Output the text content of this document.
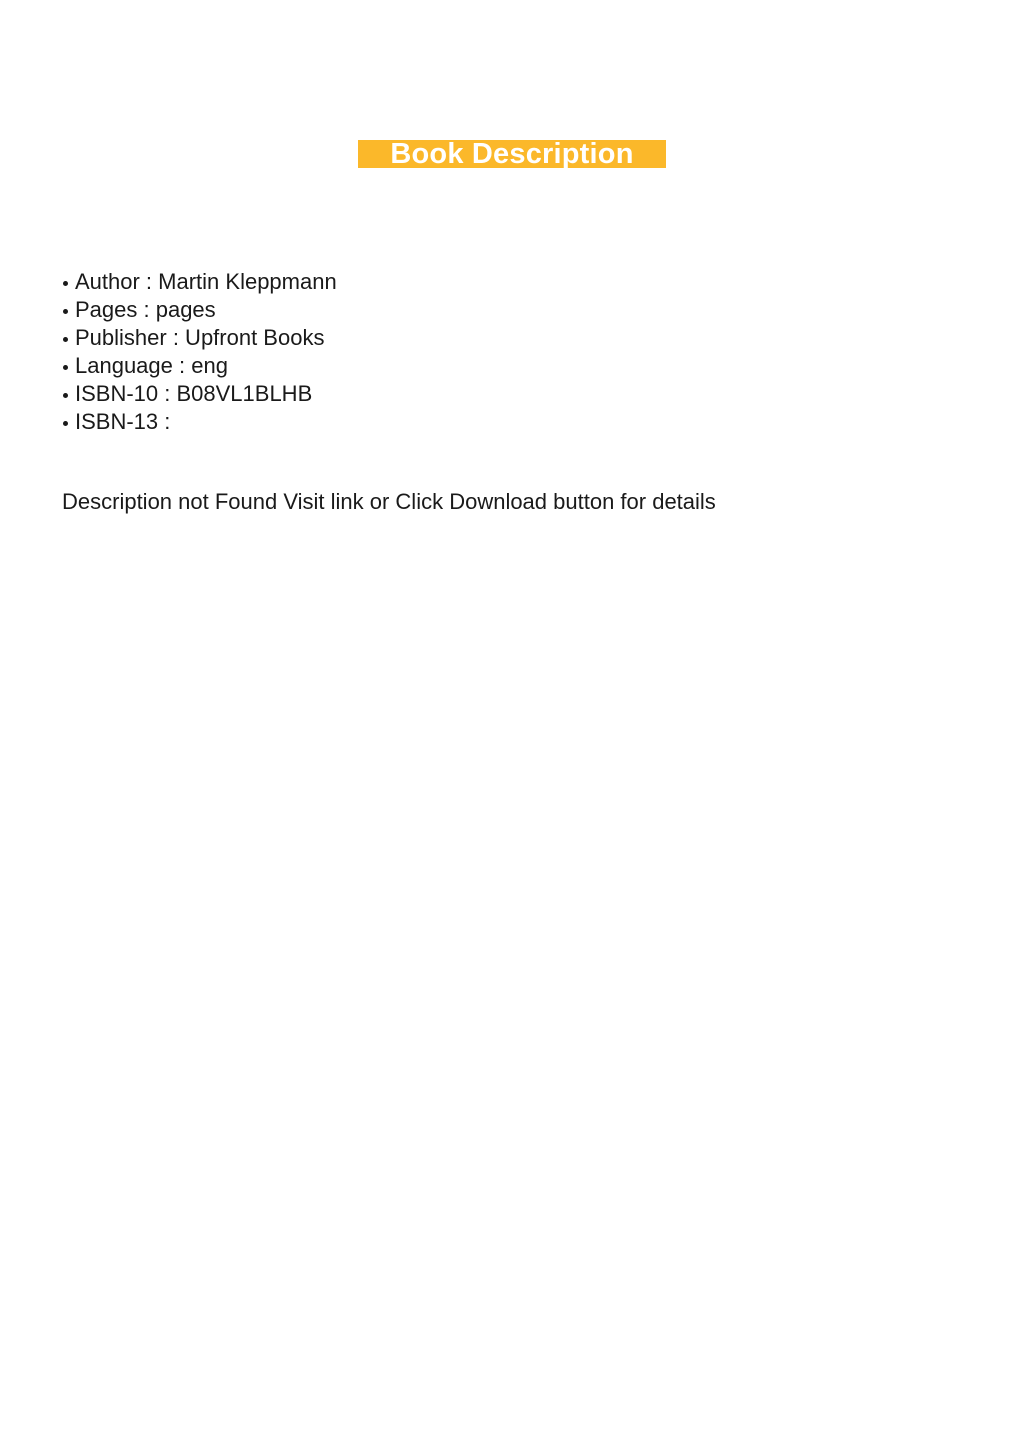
Book Description
Author : Martin Kleppmann
Pages : pages
Publisher : Upfront Books
Language : eng
ISBN-10 : B08VL1BLHB
ISBN-13 :

Description not Found Visit link or Click Download button for details
